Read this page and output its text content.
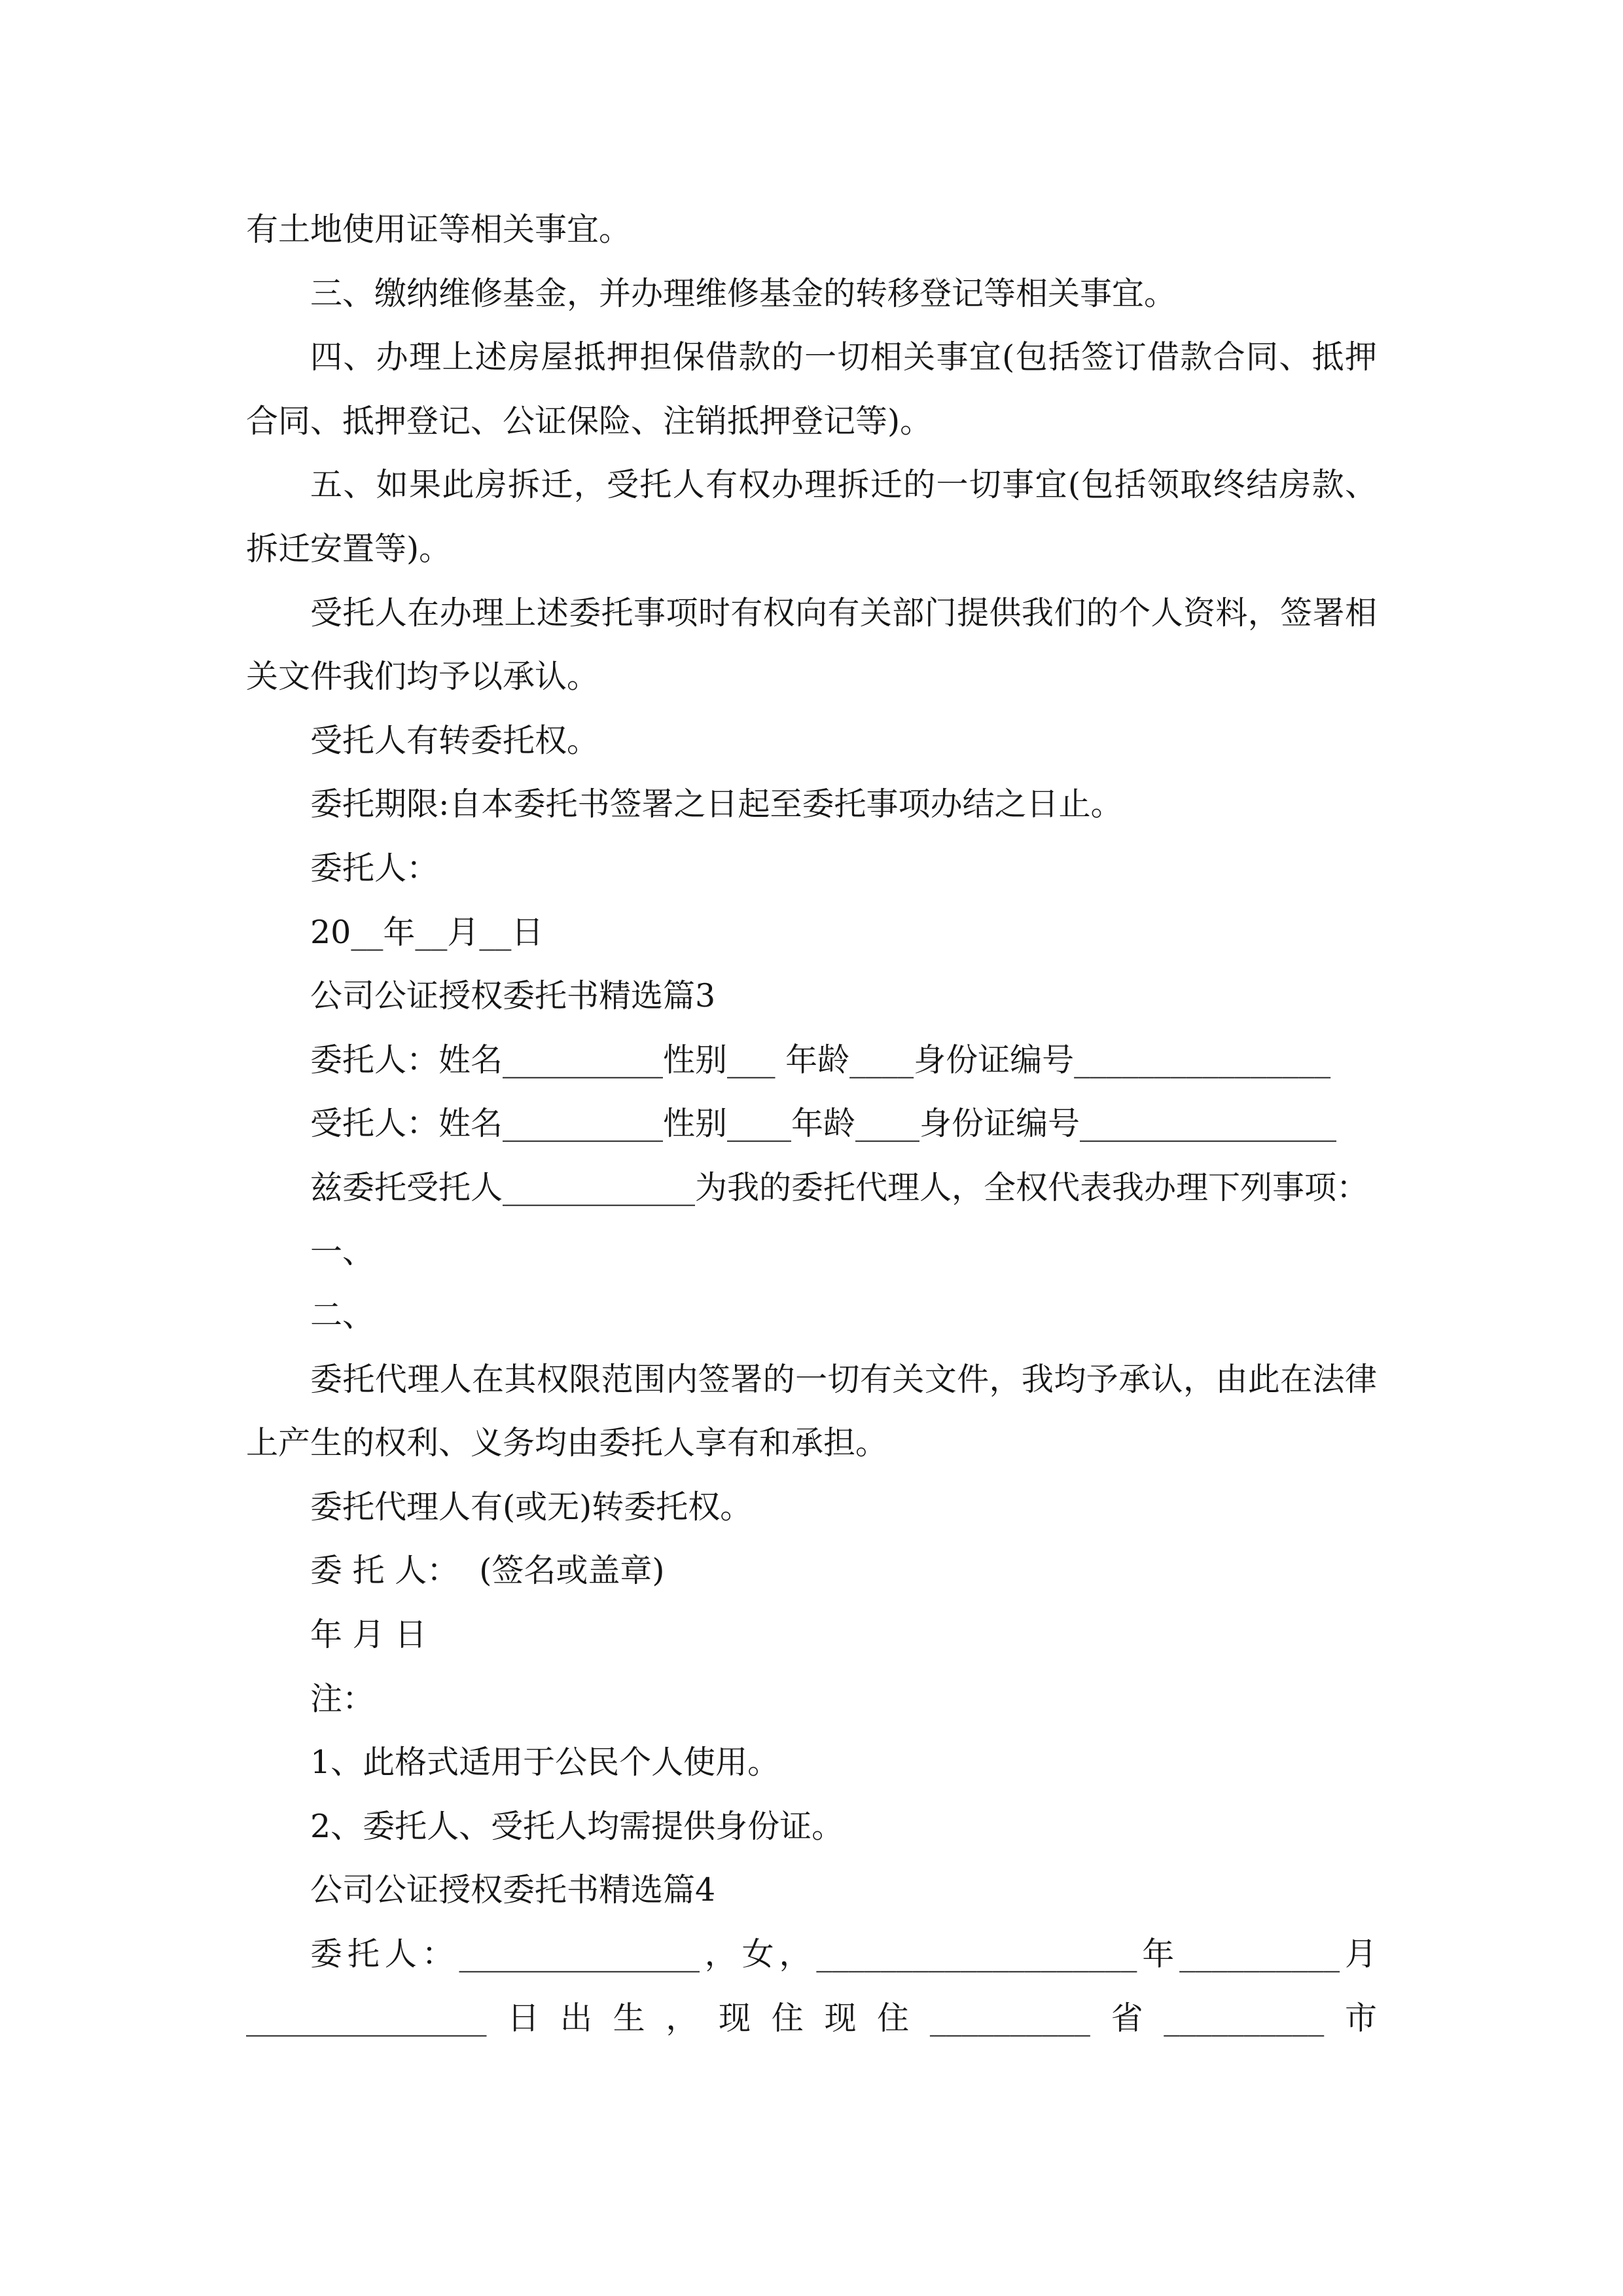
有土地使用证等相关事宜。
三、缴纳维修基金，并办理维修基金的转移登记等相关事宜。
四、办理上述房屋抵押担保借款的一切相关事宜(包括签订借款合同、抵押
合同、抵押登记、公证保险、注销抵押登记等)。
五、如果此房拆迁，受托人有权办理拆迁的一切事宜(包括领取终结房款、
拆迁安置等)。
受托人在办理上述委托事项时有权向有关部门提供我们的个人资料，签署相
关文件我们均予以承认。
受托人有转委托权。
委托期限:自本委托书签署之日起至委托事项办结之日止。
委托人：
20__年__月__日
公司公证授权委托书精选篇3
委托人：姓名__________性别___ 年龄____身份证编号________________
受托人：姓名__________性别____年龄____身份证编号________________
兹委托受托人____________为我的委托代理人，全权代表我办理下列事项：
一、
二、
委托代理人在其权限范围内签署的一切有关文件，我均予承认，由此在法律
上产生的权利、义务均由委托人享有和承担。
委托代理人有(或无)转委托权。
委 托 人：  (签名或盖章)
年 月 日
注：
1、此格式适用于公民个人使用。
2、委托人、受托人均需提供身份证。
公司公证授权委托书精选篇4
委托人：_______________，女，____________________年__________月
_______________日出生，现住现住__________省__________市
